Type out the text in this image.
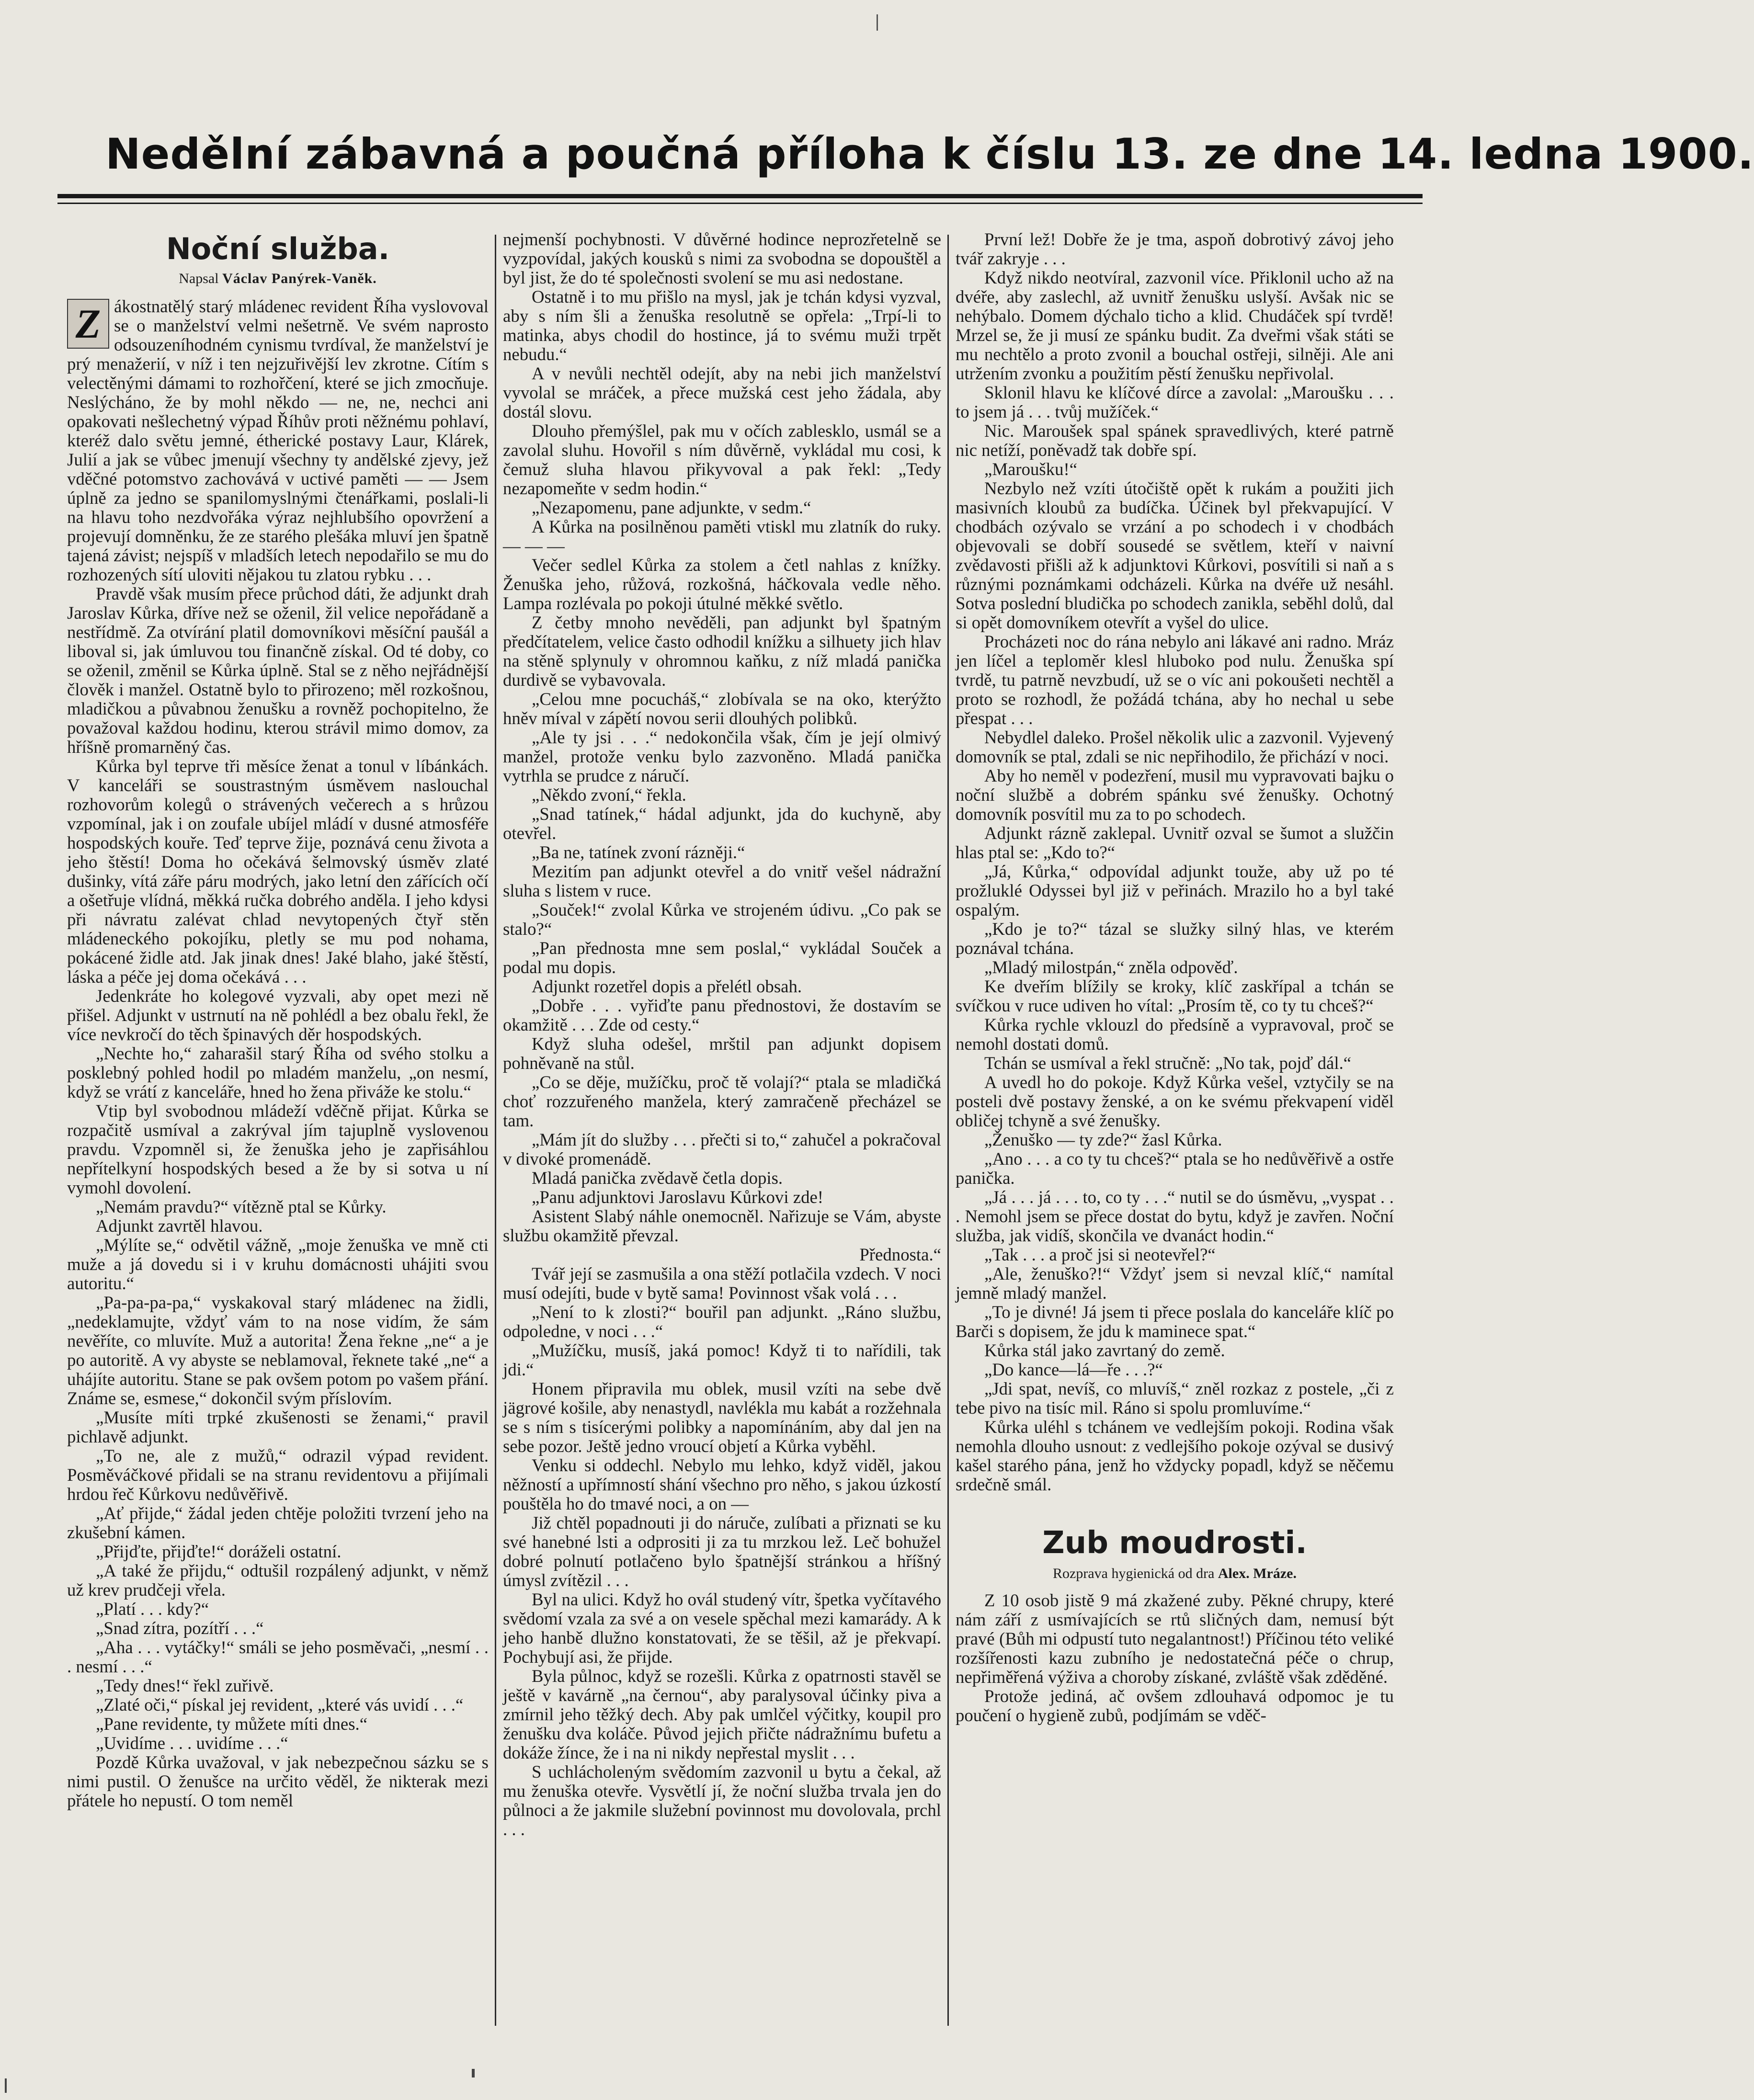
Nedělní zábavná a poučná příloha k číslu 13. ze dne 14. ledna 1900.
Noční služba.
Napsal Václav Panýrek-Vaněk.
Z ákostnatělý starý mládenec revident Říha vyslovoval se o manželství velmi nešetrně. Ve svém naprosto odsouzeníhodném cynismu tvrdíval, že manželství je prý menažerií, v níž i ten nejzuřivější lev zkrotne. Cítím s velectěnými dámami to rozhořčení, které se jich zmocňuje. Neslýcháno, že by mohl někdo — ne, ne, nechci ani opakovati nešlechetný výpad Říhův proti něžnému pohlaví, kteréž dalo světu jemné, étherické postavy Laur, Klárek, Julií a jak se vůbec jmenují všechny ty andělské zjevy, jež vděčné potomstvo zachovává v uctivé paměti — — Jsem úplně za jedno se spanilomyslnými čtenářkami, poslali-li na hlavu toho nezdvořáka výraz nejhlubšího opovržení a projevují domněnku, že ze starého plešáka mluví jen špatně tajená závist; nejspíš v mladších letech nepodařilo se mu do rozhozených sítí uloviti nějakou tu zlatou rybku . . .

Pravdě však musím přece průchod dáti, že adjunkt drah Jaroslav Kůrka, dříve než se oženil, žil velice nepořádaně a nestřídmě. Za otvírání platil domovníkovi měsíční paušál a liboval si, jak úmluvou tou finančně získal. Od té doby, co se oženil, změnil se Kůrka úplně. Stal se z něho nejřádnější člověk i manžel. Ostatně bylo to přirozeno; měl rozkošnou, mladičkou a půvabnou ženušku a rovněž pochopitelno, že považoval každou hodinu, kterou strávil mimo domov, za hříšně promarněný čas.

Kůrka byl teprve tři měsíce ženat a tonul v líbánkách. V kanceláři se soustrastným úsměvem naslouchal rozhovorům kolegů o strávených večerech a s hrůzou vzpomínal, jak i on zoufale ubíjel mládí v dusné atmosféře hospodských kouře. Teď teprve žije, poznává cenu života a jeho štěstí! Doma ho očekává šelmovský úsměv zlaté dušinky, vítá záře páru modrých, jako letní den zářících očí a ošetřuje vlídná, měkká ručka dobrého anděla. I jeho kdysi při návratu zalévat chlad nevytopených čtyř stěn mládeneckého pokojíku, pletly se mu pod nohama, pokácené židle atd. Jak jinak dnes! Jaké blaho, jaké štěstí, láska a péče jej doma očekává . . .

Jedenkráte ho kolegové vyzvali, aby opet mezi ně přišel. Adjunkt v ustrnutí na ně pohlédl a bez obalu řekl, že více nevkročí do těch špinavých děr hospodských.

„Nechte ho,“ zaharašil starý Říha od svého stolku a posklebný pohled hodil po mladém manželu, „on nesmí, když se vrátí z kanceláře, hned ho žena přiváže ke stolu.“

Vtip byl svobodnou mládeží vděčně přijat. Kůrka se rozpačitě usmíval a zakrýval jím tajuplně vyslovenou pravdu. Vzpomněl si, že ženuška jeho je zapřisáhlou nepřítelkyní hospodských besed a že by si sotva u ní vymohl dovolení.

„Nemám pravdu?“ vítězně ptal se Kůrky.

Adjunkt zavrtěl hlavou.

„Mýlíte se,“ odvětil vážně, „moje ženuška ve mně cti muže a já dovedu si i v kruhu domácnosti uhájiti svou autoritu.“

„Pa-pa-pa-pa,“ vyskakoval starý mládenec na židli, „nedeklamujte, vždyť vám to na nose vidím, že sám nevěříte, co mluvíte. Muž a autorita! Žena řekne „ne“ a je po autoritě. A vy abyste se neblamoval, řeknete také „ne“ a uhájíte autoritu. Stane se pak ovšem potom po vašem přání. Známe se, esmese,“ dokončil svým příslovím.

„Musíte míti trpké zkušenosti se ženami,“ pravil pichlavě adjunkt.

„To ne, ale z mužů,“ odrazil výpad revident. Posměváčkové přidali se na stranu revidentovu a přijímali hrdou řeč Kůrkovu nedůvěřivě.

„Ať přijde,“ žádal jeden chtěje položiti tvrzení jeho na zkušební kámen.

„Přijďte, přijďte!“ doráželi ostatní.

„A také že přijdu,“ odtušil rozpálený adjunkt, v němž už krev prudčeji vřela.

„Platí . . . kdy?“

„Snad zítra, pozítří . . .“

„Aha . . . vytáčky!“ smáli se jeho posměvači, „nesmí . . . nesmí . . .“

„Tedy dnes!“ řekl zuřivě.

„Zlaté oči,“ pískal jej revident, „které vás uvidí . . .“

„Pane revidente, ty můžete míti dnes.“

„Uvidíme . . . uvidíme . . .“

Pozdě Kůrka uvažoval, v jak nebezpečnou sázku se s nimi pustil. O ženušce na určito věděl, že nikterak mezi přátele ho nepustí. O tom neměl

nejmenší pochybnosti. V důvěrné hodince neprozřetelně se vyzpovídal, jakých kousků s nimi za svobodna se dopouštěl a byl jist, že do té společnosti svolení se mu asi nedostane.

Ostatně i to mu přišlo na mysl, jak je tchán kdysi vyzval, aby s ním šli a ženuška resolutně se opřela: „Trpí-li to matinka, abys chodil do hostince, já to svému muži trpět nebudu.“

A v nevůli nechtěl odejít, aby na nebi jich manželství vyvolal se mráček, a přece mužská cest jeho žádala, aby dostál slovu.

Dlouho přemýšlel, pak mu v očích zablesklo, usmál se a zavolal sluhu. Hovořil s ním důvěrně, vykládal mu cosi, k čemuž sluha hlavou přikyvoval a pak řekl: „Tedy nezapomeňte v sedm hodin.“

„Nezapomenu, pane adjunkte, v sedm.“

A Kůrka na posilněnou paměti vtiskl mu zlatník do ruky. — — —

Večer sedlel Kůrka za stolem a četl nahlas z knížky. Ženuška jeho, růžová, rozkošná, háčkovala vedle něho. Lampa rozlévala po pokoji útulné měkké světlo.

Z četby mnoho nevěděli, pan adjunkt byl špatným předčítatelem, velice často odhodil knížku a silhuety jich hlav na stěně splynuly v ohromnou kaňku, z níž mladá panička durdivě se vybavovala.

„Celou mne pocucháš,“ zlobívala se na oko, kterýžto hněv míval v zápětí novou serii dlouhých polibků.

„Ale ty jsi . . .“ nedokončila však, čím je její olmivý manžel, protože venku bylo zazvoněno. Mladá panička vytrhla se prudce z náručí.

„Někdo zvoní,“ řekla.

„Snad tatínek,“ hádal adjunkt, jda do kuchyně, aby otevřel.

„Ba ne, tatínek zvoní rázněji.“

Mezitím pan adjunkt otevřel a do vnitř vešel nádražní sluha s listem v ruce.

„Souček!“ zvolal Kůrka ve strojeném údivu. „Co pak se stalo?“

„Pan přednosta mne sem poslal,“ vykládal Souček a podal mu dopis.

Adjunkt rozetřel dopis a přelétl obsah.

„Dobře . . . vyřiďte panu přednostovi, že dostavím se okamžitě . . . Zde od cesty.“

Když sluha odešel, mrštil pan adjunkt dopisem pohněvaně na stůl.

„Co se děje, mužíčku, proč tě volají?“ ptala se mladičká choť rozzuřeného manžela, který zamračeně přecházel se tam.

„Mám jít do služby . . . přečti si to,“ zahučel a pokračoval v divoké promenádě.

Mladá panička zvědavě četla dopis.

„Panu adjunktovi Jaroslavu Kůrkovi zde!

Asistent Slabý náhle onemocněl. Nařizuje se Vám, abyste službu okamžitě převzal.

Přednosta.“

Tvář její se zasmušila a ona stěží potlačila vzdech. V noci musí odejíti, bude v bytě sama! Povinnost však volá . . .

„Není to k zlosti?“ bouřil pan adjunkt. „Ráno službu, odpoledne, v noci . . .“

„Mužíčku, musíš, jaká pomoc! Když ti to nařídili, tak jdi.“

Honem připravila mu oblek, musil vzíti na sebe dvě jägrové košile, aby nenastydl, navlékla mu kabát a rozžehnala se s ním s tisícerými polibky a napomínáním, aby dal jen na sebe pozor. Ještě jedno vroucí objetí a Kůrka vyběhl.

Venku si oddechl. Nebylo mu lehko, když viděl, jakou něžností a upřímností shání všechno pro něho, s jakou úzkostí pouštěla ho do tmavé noci, a on —

Již chtěl popadnouti ji do náruče, zulíbati a přiznati se ku své hanebné lsti a odprositi ji za tu mrzkou lež. Leč bohužel dobré polnutí potlačeno bylo špatnější stránkou a hříšný úmysl zvítězil . . .

Byl na ulici. Když ho ovál studený vítr, špetka vyčítavého svědomí vzala za své a on vesele spěchal mezi kamarády. A k jeho hanbě dlužno konstatovati, že se těšil, až je překvapí. Pochybují asi, že přijde.

Byla půlnoc, když se rozešli. Kůrka z opatrnosti stavěl se ještě v kavárně „na černou“, aby paralysoval účinky piva a zmírnil jeho těžký dech. Aby pak umlčel výčitky, koupil pro ženušku dva koláče. Původ jejich přičte nádražnímu bufetu a dokáže žínce, že i na ni nikdy nepřestal myslit . . .

S uchlácholeným svědomím zazvonil u bytu a čekal, až mu ženuška otevře. Vysvětlí jí, že noční služba trvala jen do půlnoci a že jakmile služební povinnost mu dovolovala, prchl . . .

První lež! Dobře že je tma, aspoň dobrotivý závoj jeho tvář zakryje . . .

Když nikdo neotvíral, zazvonil více. Přiklonil ucho až na dvéře, aby zaslechl, až uvnitř ženušku uslyší. Avšak nic se nehýbalo. Domem dýchalo ticho a klid. Chudáček spí tvrdě! Mrzel se, že ji musí ze spánku budit. Za dveřmi však státi se mu nechtělo a proto zvonil a bouchal ostřeji, silněji. Ale ani utržením zvonku a použitím pěstí ženušku nepřivolal.

Sklonil hlavu ke klíčové dírce a zavolal: „Maroušku . . . to jsem já . . . tvůj mužíček.“

Nic. Maroušek spal spánek spravedlivých, které patrně nic netíží, poněvadž tak dobře spí.

„Maroušku!“

Nezbylo než vzíti útočiště opět k rukám a použiti jich masivních kloubů za budíčka. Účinek byl překvapující. V chodbách ozývalo se vrzání a po schodech i v chodbách objevovali se dobří sousedé se světlem, kteří v naivní zvědavosti přišli až k adjunktovi Kůrkovi, posvítili si naň a s různými poznámkami odcházeli. Kůrka na dvéře už nesáhl. Sotva poslední bludička po schodech zanikla, seběhl dolů, dal si opět domovníkem otevřít a vyšel do ulice.

Procházeti noc do rána nebylo ani lákavé ani radno. Mráz jen líčel a teploměr klesl hluboko pod nulu. Ženuška spí tvrdě, tu patrně nevzbudí, už se o víc ani pokoušeti nechtěl a proto se rozhodl, že požádá tchána, aby ho nechal u sebe přespat . . .

Nebydlel daleko. Prošel několik ulic a zazvonil. Vyjevený domovník se ptal, zdali se nic nepřihodilo, že přichází v noci.

Aby ho neměl v podezření, musil mu vypravovati bajku o noční službě a dobrém spánku své ženušky. Ochotný domovník posvítil mu za to po schodech.

Adjunkt rázně zaklepal. Uvnitř ozval se šumot a služčin hlas ptal se: „Kdo to?“

„Já, Kůrka,“ odpovídal adjunkt touže, aby už po té prožluklé Odyssei byl již v peřinách. Mrazilo ho a byl také ospalým.

„Kdo je to?“ tázal se služky silný hlas, ve kterém poznával tchána.

„Mladý milostpán,“ zněla odpověď.

Ke dveřím blížily se kroky, klíč zaskřípal a tchán se svíčkou v ruce udiven ho vítal: „Prosím tě, co ty tu chceš?“

Kůrka rychle vklouzl do předsíně a vypravoval, proč se nemohl dostati domů.

Tchán se usmíval a řekl stručně: „No tak, pojď dál.“

A uvedl ho do pokoje. Když Kůrka vešel, vztyčily se na posteli dvě postavy ženské, a on ke svému překvapení viděl obličej tchyně a své ženušky.

„Ženuško — ty zde?“ žasl Kůrka.

„Ano . . . a co ty tu chceš?“ ptala se ho nedůvěřivě a ostře panička.

„Já . . . já . . . to, co ty . . .“ nutil se do úsměvu, „vyspat . . . Nemohl jsem se přece dostat do bytu, když je zavřen. Noční služba, jak vidíš, skončila ve dvanáct hodin.“

„Tak . . . a proč jsi si neotevřel?“

„Ale, ženuško?!“ Vždyť jsem si nevzal klíč,“ namítal jemně mladý manžel.

„To je divné! Já jsem ti přece poslala do kanceláře klíč po Barči s dopisem, že jdu k maminece spat.“

Kůrka stál jako zavrtaný do země.

„Do kance—lá—ře . . .?“

„Jdi spat, nevíš, co mluvíš,“ zněl rozkaz z postele, „či z tebe pivo na tisíc mil. Ráno si spolu promluvíme.“

Kůrka uléhl s tchánem ve vedlejším pokoji. Rodina však nemohla dlouho usnout: z vedlejšího pokoje ozýval se dusivý kašel starého pána, jenž ho vždycky popadl, když se něčemu srdečně smál.

Zub moudrosti.
Rozprava hygienická od dra Alex. Mráze.

Z 10 osob jistě 9 má zkažené zuby. Pěkné chrupy, které nám září z usmívajících se rtů sličných dam, nemusí být pravé (Bůh mi odpustí tuto negalantnost!) Příčinou této veliké rozšířenosti kazu zubního je nedostatečná péče o chrup, nepřiměřená výživa a choroby získané, zvláště však zděděné.

Protože jediná, ač ovšem zdlouhavá odpomoc je tu poučení o hygieně zubů, podjímám se vděč-
